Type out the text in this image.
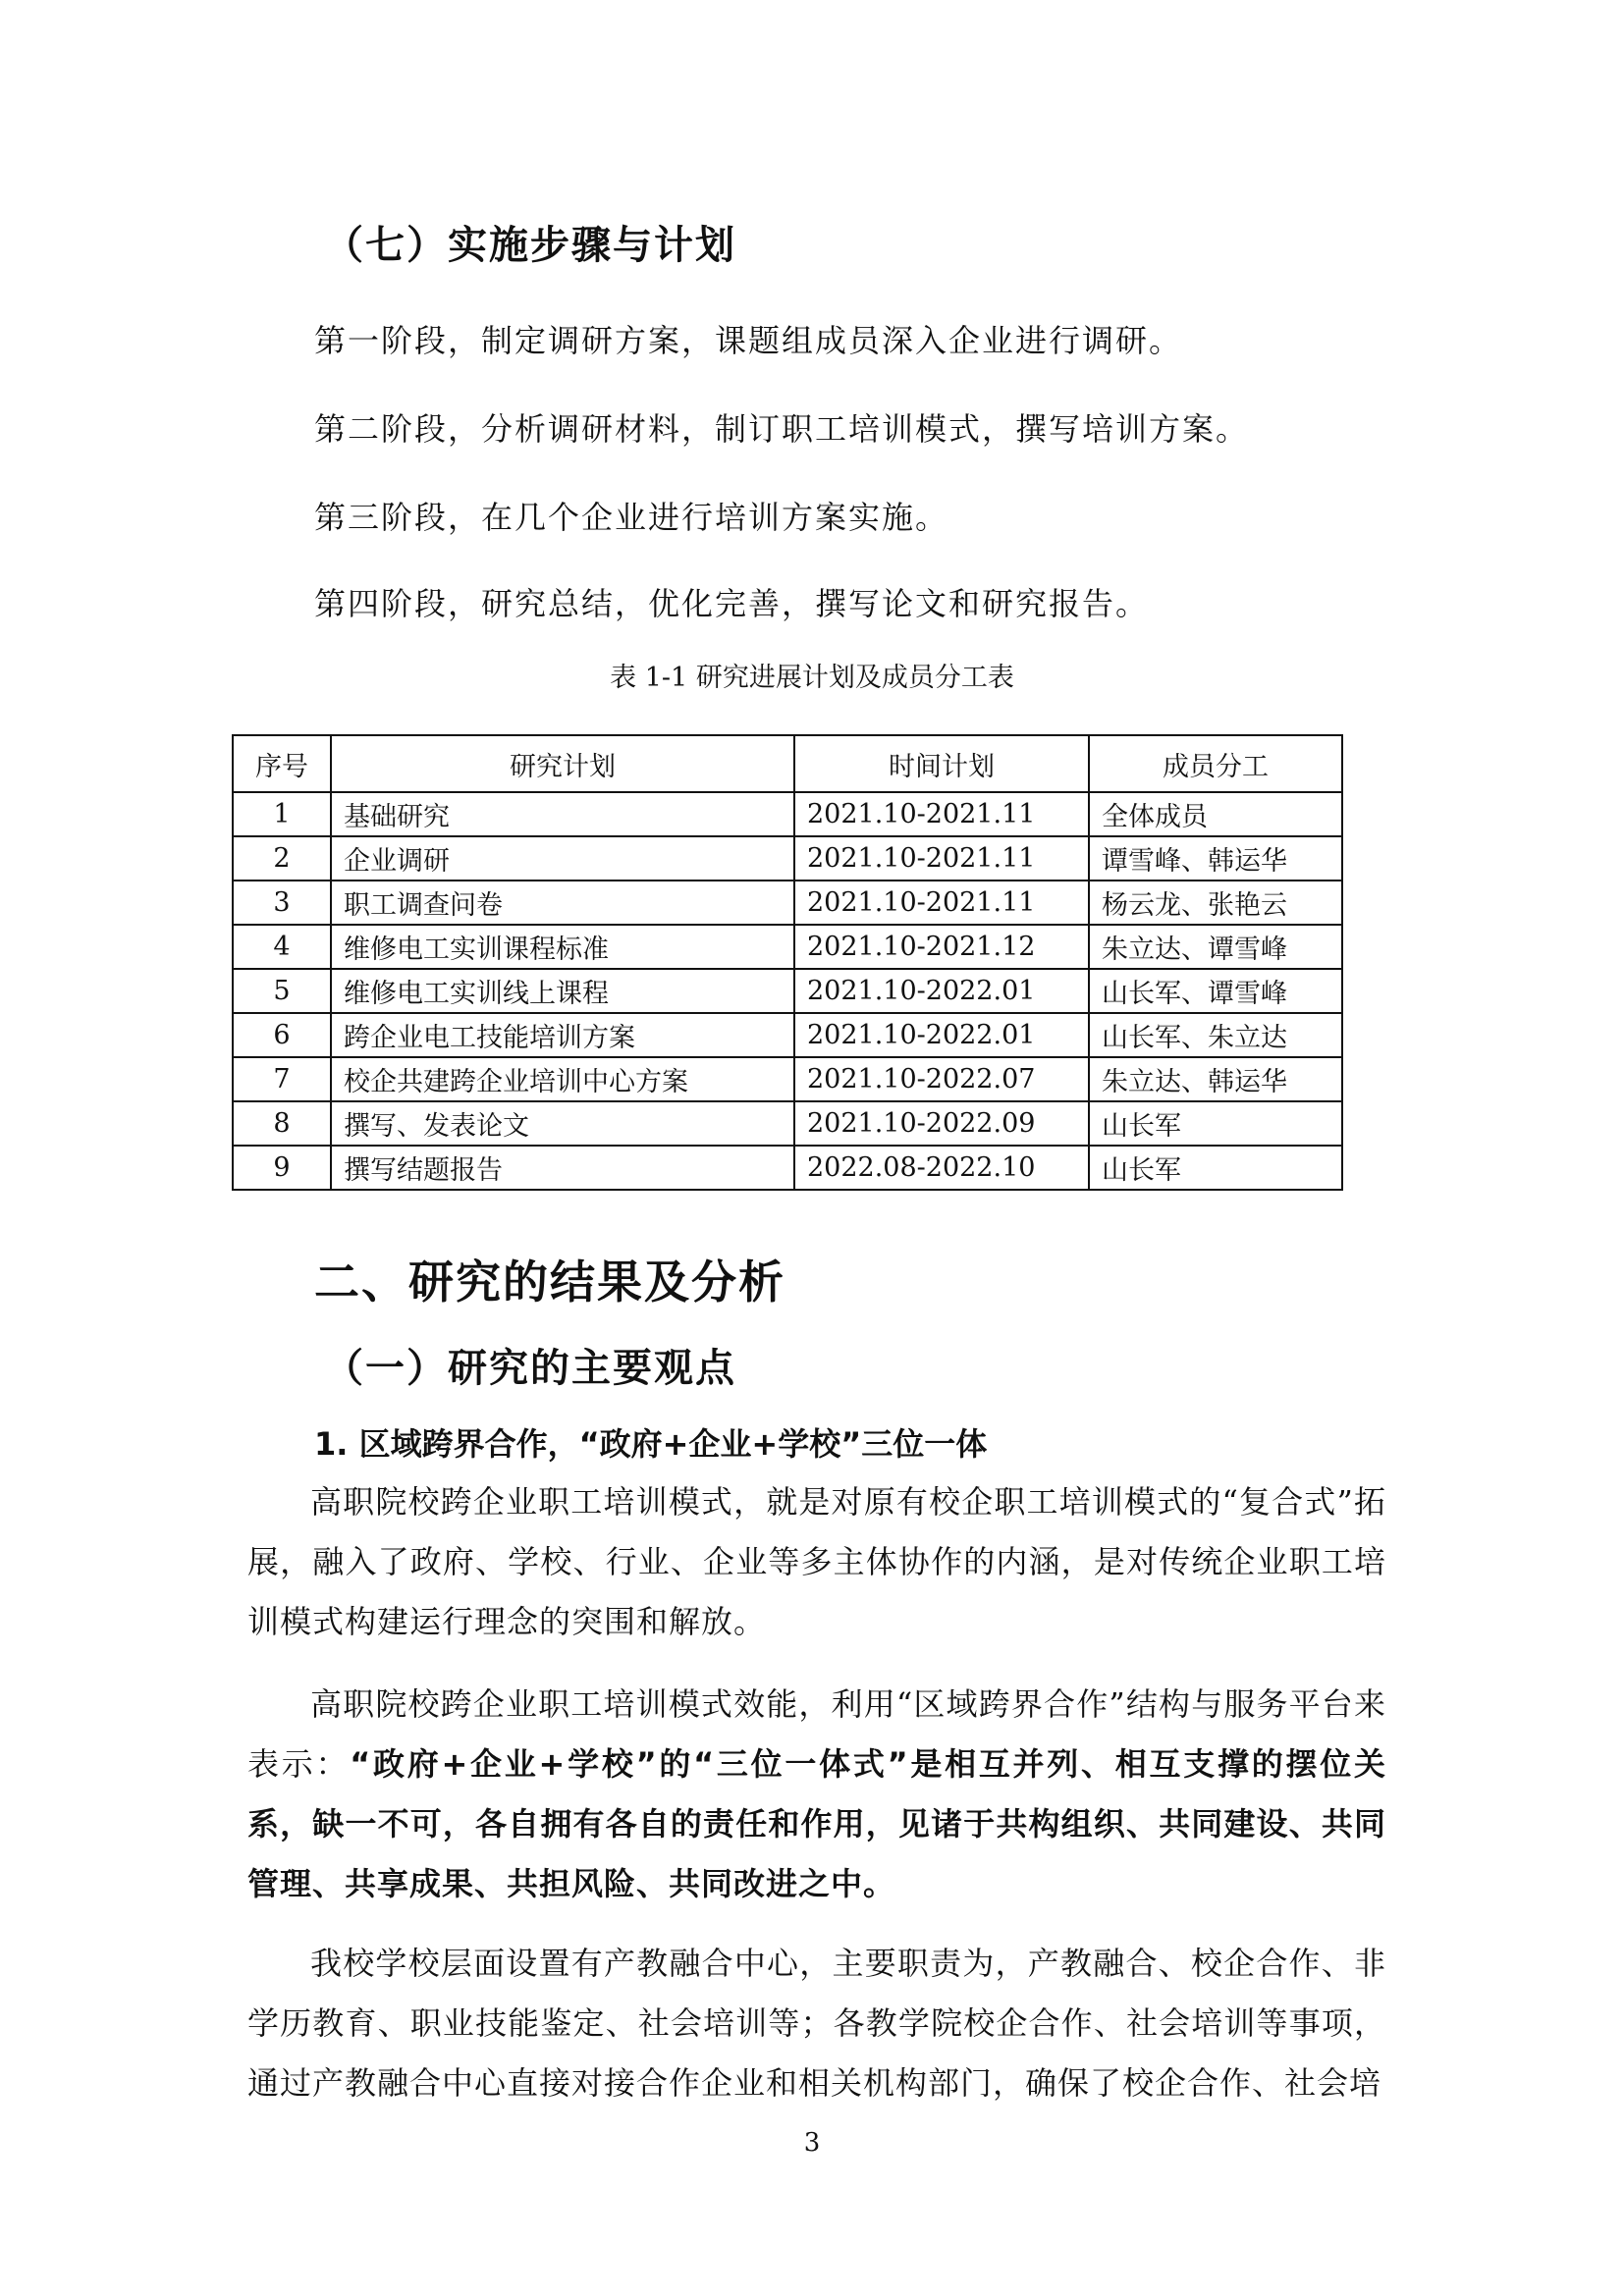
（七）实施步骤与计划
第一阶段，制定调研方案，课题组成员深入企业进行调研。
第二阶段，分析调研材料，制订职工培训模式，撰写培训方案。
第三阶段，在几个企业进行培训方案实施。
第四阶段，研究总结，优化完善，撰写论文和研究报告。
表 1-1 研究进展计划及成员分工表
序号	研究计划	时间计划	成员分工
1	基础研究	2021.10-2021.11	全体成员
2	企业调研	2021.10-2021.11	谭雪峰、韩运华
3	职工调查问卷	2021.10-2021.11	杨云龙、张艳云
4	维修电工实训课程标准	2021.10-2021.12	朱立达、谭雪峰
5	维修电工实训线上课程	2021.10-2022.01	山长军、谭雪峰
6	跨企业电工技能培训方案	2021.10-2022.01	山长军、朱立达
7	校企共建跨企业培训中心方案	2021.10-2022.07	朱立达、韩运华
8	撰写、发表论文	2021.10-2022.09	山长军
9	撰写结题报告	2022.08-2022.10	山长军
二、研究的结果及分析
（一）研究的主要观点
1. 区域跨界合作，“政府+企业+学校”三位一体

高职院校跨企业职工培训模式，就是对原有校企职工培训模式的“复合式”拓展，融入了政府、学校、行业、企业等多主体协作的内涵，是对传统企业职工培训模式构建运行理念的突围和解放。

高职院校跨企业职工培训模式效能，利用“区域跨界合作”结构与服务平台来表示：“政府+企业+学校”的“三位一体式”是相互并列、相互支撑的摆位关系，缺一不可，各自拥有各自的责任和作用，见诸于共构组织、共同建设、共同管理、共享成果、共担风险、共同改进之中。

我校学校层面设置有产教融合中心，主要职责为，产教融合、校企合作、非学历教育、职业技能鉴定、社会培训等；各教学院校企合作、社会培训等事项，通过产教融合中心直接对接合作企业和相关机构部门，确保了校企合作、社会培

3
